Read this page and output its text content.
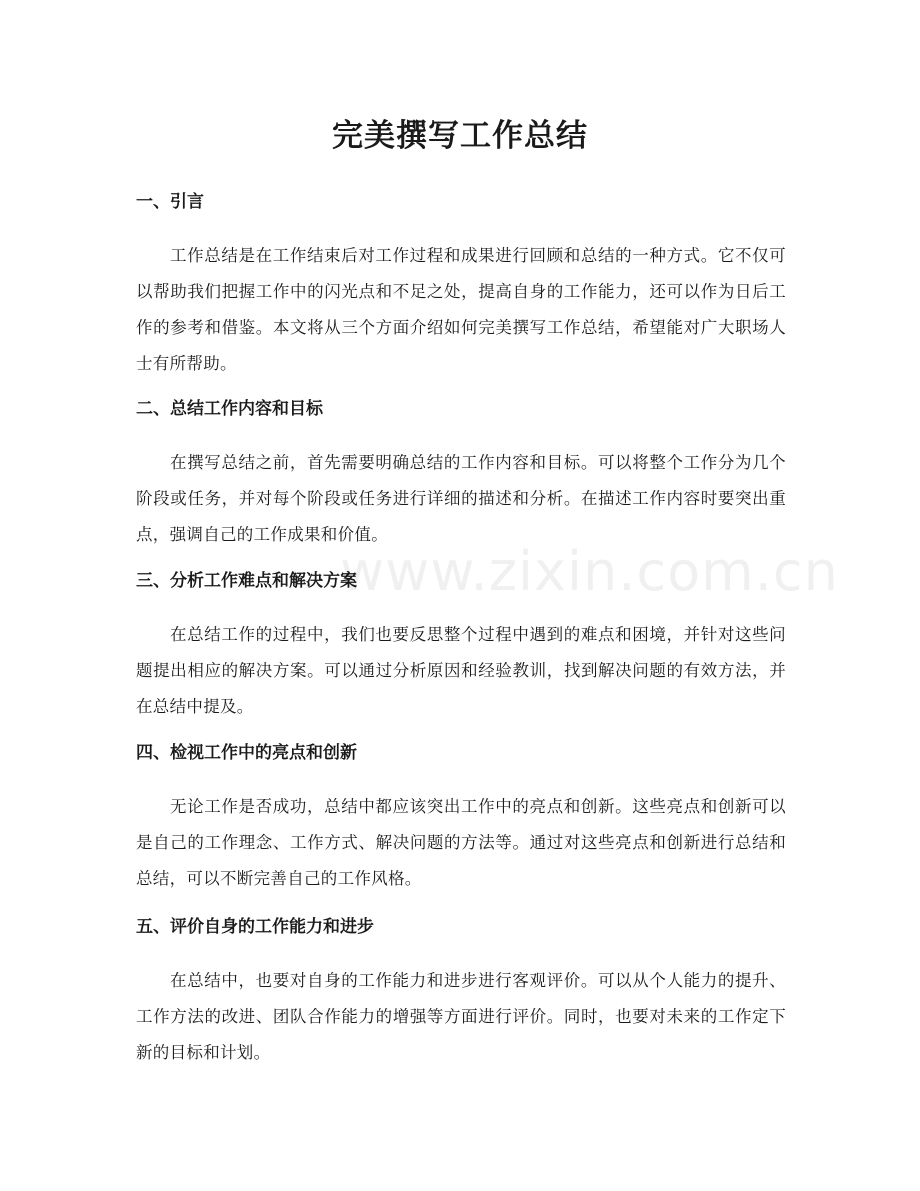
完美撰写工作总结
一、引言

工作总结是在工作结束后对工作过程和成果进行回顾和总结的一种方式。它不仅可以帮助我们把握工作中的闪光点和不足之处，提高自身的工作能力，还可以作为日后工作的参考和借鉴。本文将从三个方面介绍如何完美撰写工作总结，希望能对广大职场人士有所帮助。

二、总结工作内容和目标

在撰写总结之前，首先需要明确总结的工作内容和目标。可以将整个工作分为几个阶段或任务，并对每个阶段或任务进行详细的描述和分析。在描述工作内容时要突出重点，强调自己的工作成果和价值。

三、分析工作难点和解决方案

在总结工作的过程中，我们也要反思整个过程中遇到的难点和困境，并针对这些问题提出相应的解决方案。可以通过分析原因和经验教训，找到解决问题的有效方法，并在总结中提及。

四、检视工作中的亮点和创新

无论工作是否成功，总结中都应该突出工作中的亮点和创新。这些亮点和创新可以是自己的工作理念、工作方式、解决问题的方法等。通过对这些亮点和创新进行总结和总结，可以不断完善自己的工作风格。

五、评价自身的工作能力和进步

在总结中，也要对自身的工作能力和进步进行客观评价。可以从个人能力的提升、工作方法的改进、团队合作能力的增强等方面进行评价。同时，也要对未来的工作定下新的目标和计划。

www.zixin.com.cn
